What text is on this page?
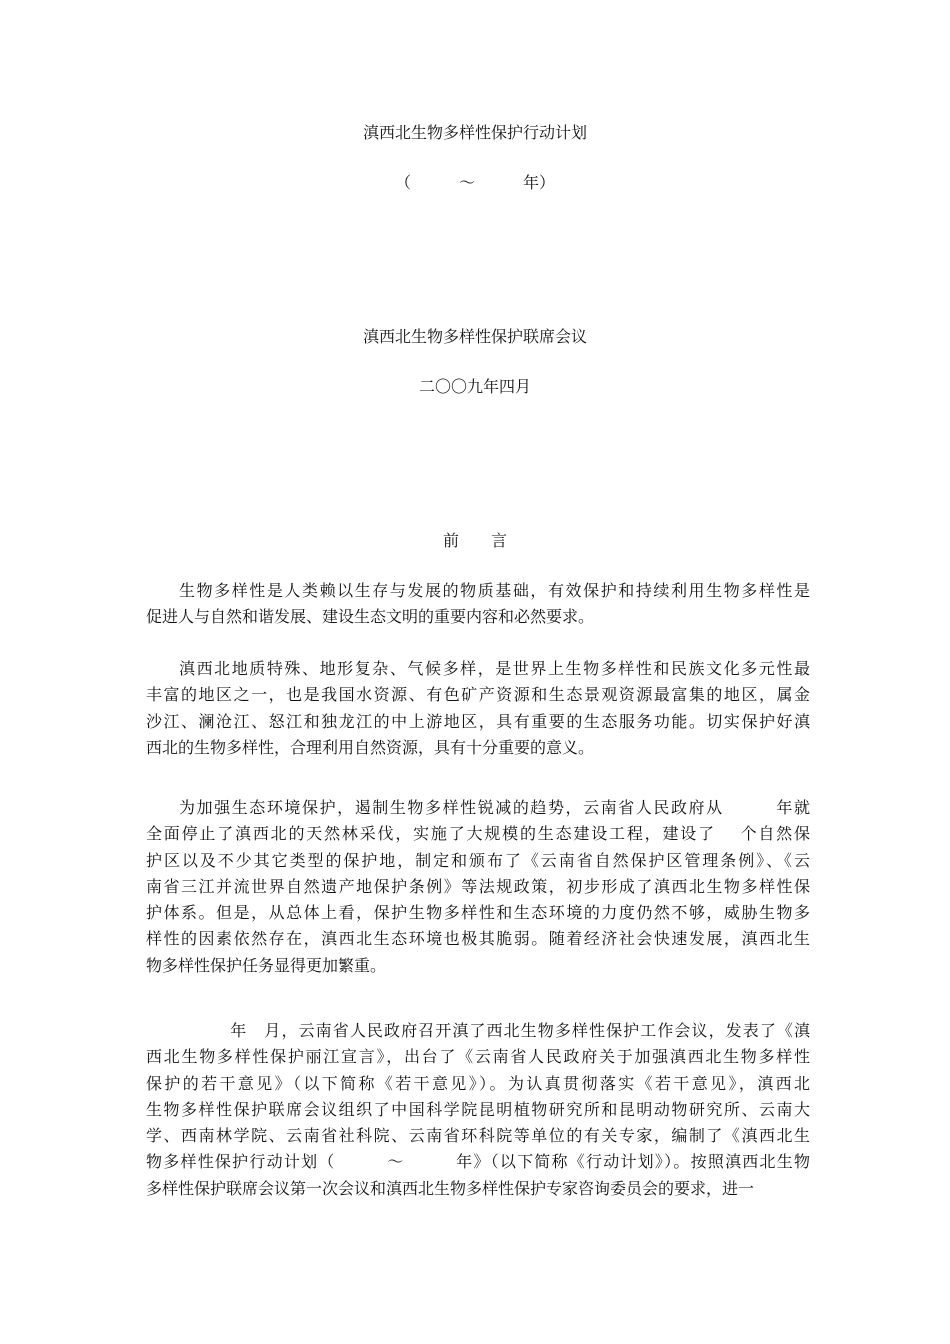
滇西北生物多样性保护行动计划
（　　　～　　　年）
滇西北生物多样性保护联席会议
二〇〇九年四月
前　　言
生物多样性是人类赖以生存与发展的物质基础，有效保护和持续利用生物多样性是
促进人与自然和谐发展、建设生态文明的重要内容和必然要求。
滇西北地质特殊、地形复杂、气候多样，是世界上生物多样性和民族文化多元性最
丰富的地区之一，也是我国水资源、有色矿产资源和生态景观资源最富集的地区，属金
沙江、澜沧江、怒江和独龙江的中上游地区，具有重要的生态服务功能。切实保护好滇
西北的生物多样性，合理利用自然资源，具有十分重要的意义。
为加强生态环境保护，遏制生物多样性锐减的趋势，云南省人民政府从　　　年就
全面停止了滇西北的天然林采伐，实施了大规模的生态建设工程，建设了　 个自然保
护区以及不少其它类型的保护地，制定和颁布了《云南省自然保护区管理条例》、《云
南省三江并流世界自然遗产地保护条例》等法规政策，初步形成了滇西北生物多样性保
护体系。但是，从总体上看，保护生物多样性和生态环境的力度仍然不够，威胁生物多
样性的因素依然存在，滇西北生态环境也极其脆弱。随着经济社会快速发展，滇西北生
物多样性保护任务显得更加繁重。
　　　年　月，云南省人民政府召开滇了西北生物多样性保护工作会议，发表了《滇
西北生物多样性保护丽江宣言》，出台了《云南省人民政府关于加强滇西北生物多样性
保护的若干意见》（以下简称《若干意见》）。为认真贯彻落实《若干意见》，滇西北
生物多样性保护联席会议组织了中国科学院昆明植物研究所和昆明动物研究所、云南大
学、西南林学院、云南省社科院、云南省环科院等单位的有关专家，编制了《滇西北生
物多样性保护行动计划（　　　～　　　年》（以下简称《行动计划》）。按照滇西北生物
多样性保护联席会议第一次会议和滇西北生物多样性保护专家咨询委员会的要求，进一
